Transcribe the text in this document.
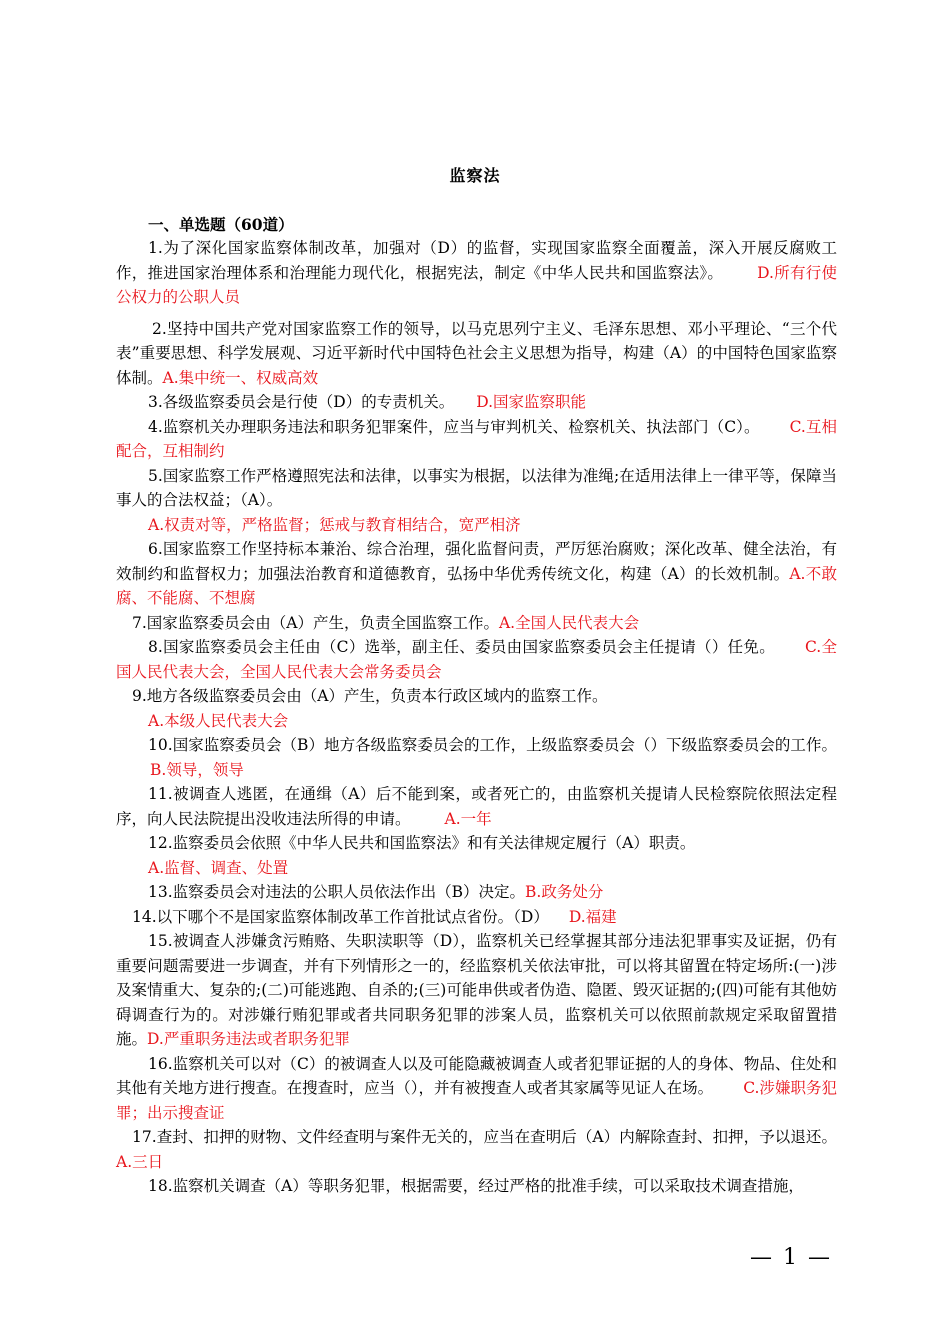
监察法
一、单选题（60道）

1.为了深化国家监察体制改革，加强对（D）的监督，实现国家监察全面覆盖，深入开展反腐败工作，推进国家治理体系和治理能力现代化，根据宪法，制定《中华人民共和国监察法》。 D.所有行使公权力的公职人员

2.坚持中国共产党对国家监察工作的领导，以马克思列宁主义、毛泽东思想、邓小平理论、“三个代表”重要思想、科学发展观、习近平新时代中国特色社会主义思想为指导，构建（A）的中国特色国家监察体制。A.集中统一、权威高效

3.各级监察委员会是行使（D）的专责机关。 D.国家监察职能

4.监察机关办理职务违法和职务犯罪案件，应当与审判机关、检察机关、执法部门（C）。 C.互相配合，互相制约

5.国家监察工作严格遵照宪法和法律，以事实为根据，以法律为准绳;在适用法律上一律平等，保障当事人的合法权益；（A）。

A.权责对等，严格监督；惩戒与教育相结合，宽严相济

6.国家监察工作坚持标本兼治、综合治理，强化监督问责，严厉惩治腐败；深化改革、健全法治，有效制约和监督权力；加强法治教育和道德教育，弘扬中华优秀传统文化，构建（A）的长效机制。A.不敢腐、不能腐、不想腐

7.国家监察委员会由（A）产生，负责全国监察工作。A.全国人民代表大会

8.国家监察委员会主任由（C）选举，副主任、委员由国家监察委员会主任提请（）任免。 C.全国人民代表大会，全国人民代表大会常务委员会

9.地方各级监察委员会由（A）产生，负责本行政区域内的监察工作。

A.本级人民代表大会

10.国家监察委员会（B）地方各级监察委员会的工作，上级监察委员会（）下级监察委员会的工作。B.领导，领导

11.被调查人逃匿，在通缉（A）后不能到案，或者死亡的，由监察机关提请人民检察院依照法定程序，向人民法院提出没收违法所得的申请。 A.一年

12.监察委员会依照《中华人民共和国监察法》和有关法律规定履行（A）职责。

A.监督、调查、处置

13.监察委员会对违法的公职人员依法作出（B）决定。B.政务处分

14.以下哪个不是国家监察体制改革工作首批试点省份。（D） D.福建

15.被调查人涉嫌贪污贿赂、失职渎职等（D），监察机关已经掌握其部分违法犯罪事实及证据，仍有重要问题需要进一步调查，并有下列情形之一的，经监察机关依法审批，可以将其留置在特定场所:(一)涉及案情重大、复杂的;(二)可能逃跑、自杀的;(三)可能串供或者伪造、隐匿、毁灭证据的;(四)可能有其他妨碍调查行为的。对涉嫌行贿犯罪或者共同职务犯罪的涉案人员，监察机关可以依照前款规定采取留置措施。D.严重职务违法或者职务犯罪

16.监察机关可以对（C）的被调查人以及可能隐藏被调查人或者犯罪证据的人的身体、物品、住处和其他有关地方进行搜查。在搜查时，应当（），并有被搜查人或者其家属等见证人在场。 C.涉嫌职务犯罪；出示搜查证

17.查封、扣押的财物、文件经查明与案件无关的，应当在查明后（A）内解除查封、扣押，予以退还。A.三日

18.监察机关调查（A）等职务犯罪，根据需要，经过严格的批准手续，可以采取技术调查措施，

— 1 —
